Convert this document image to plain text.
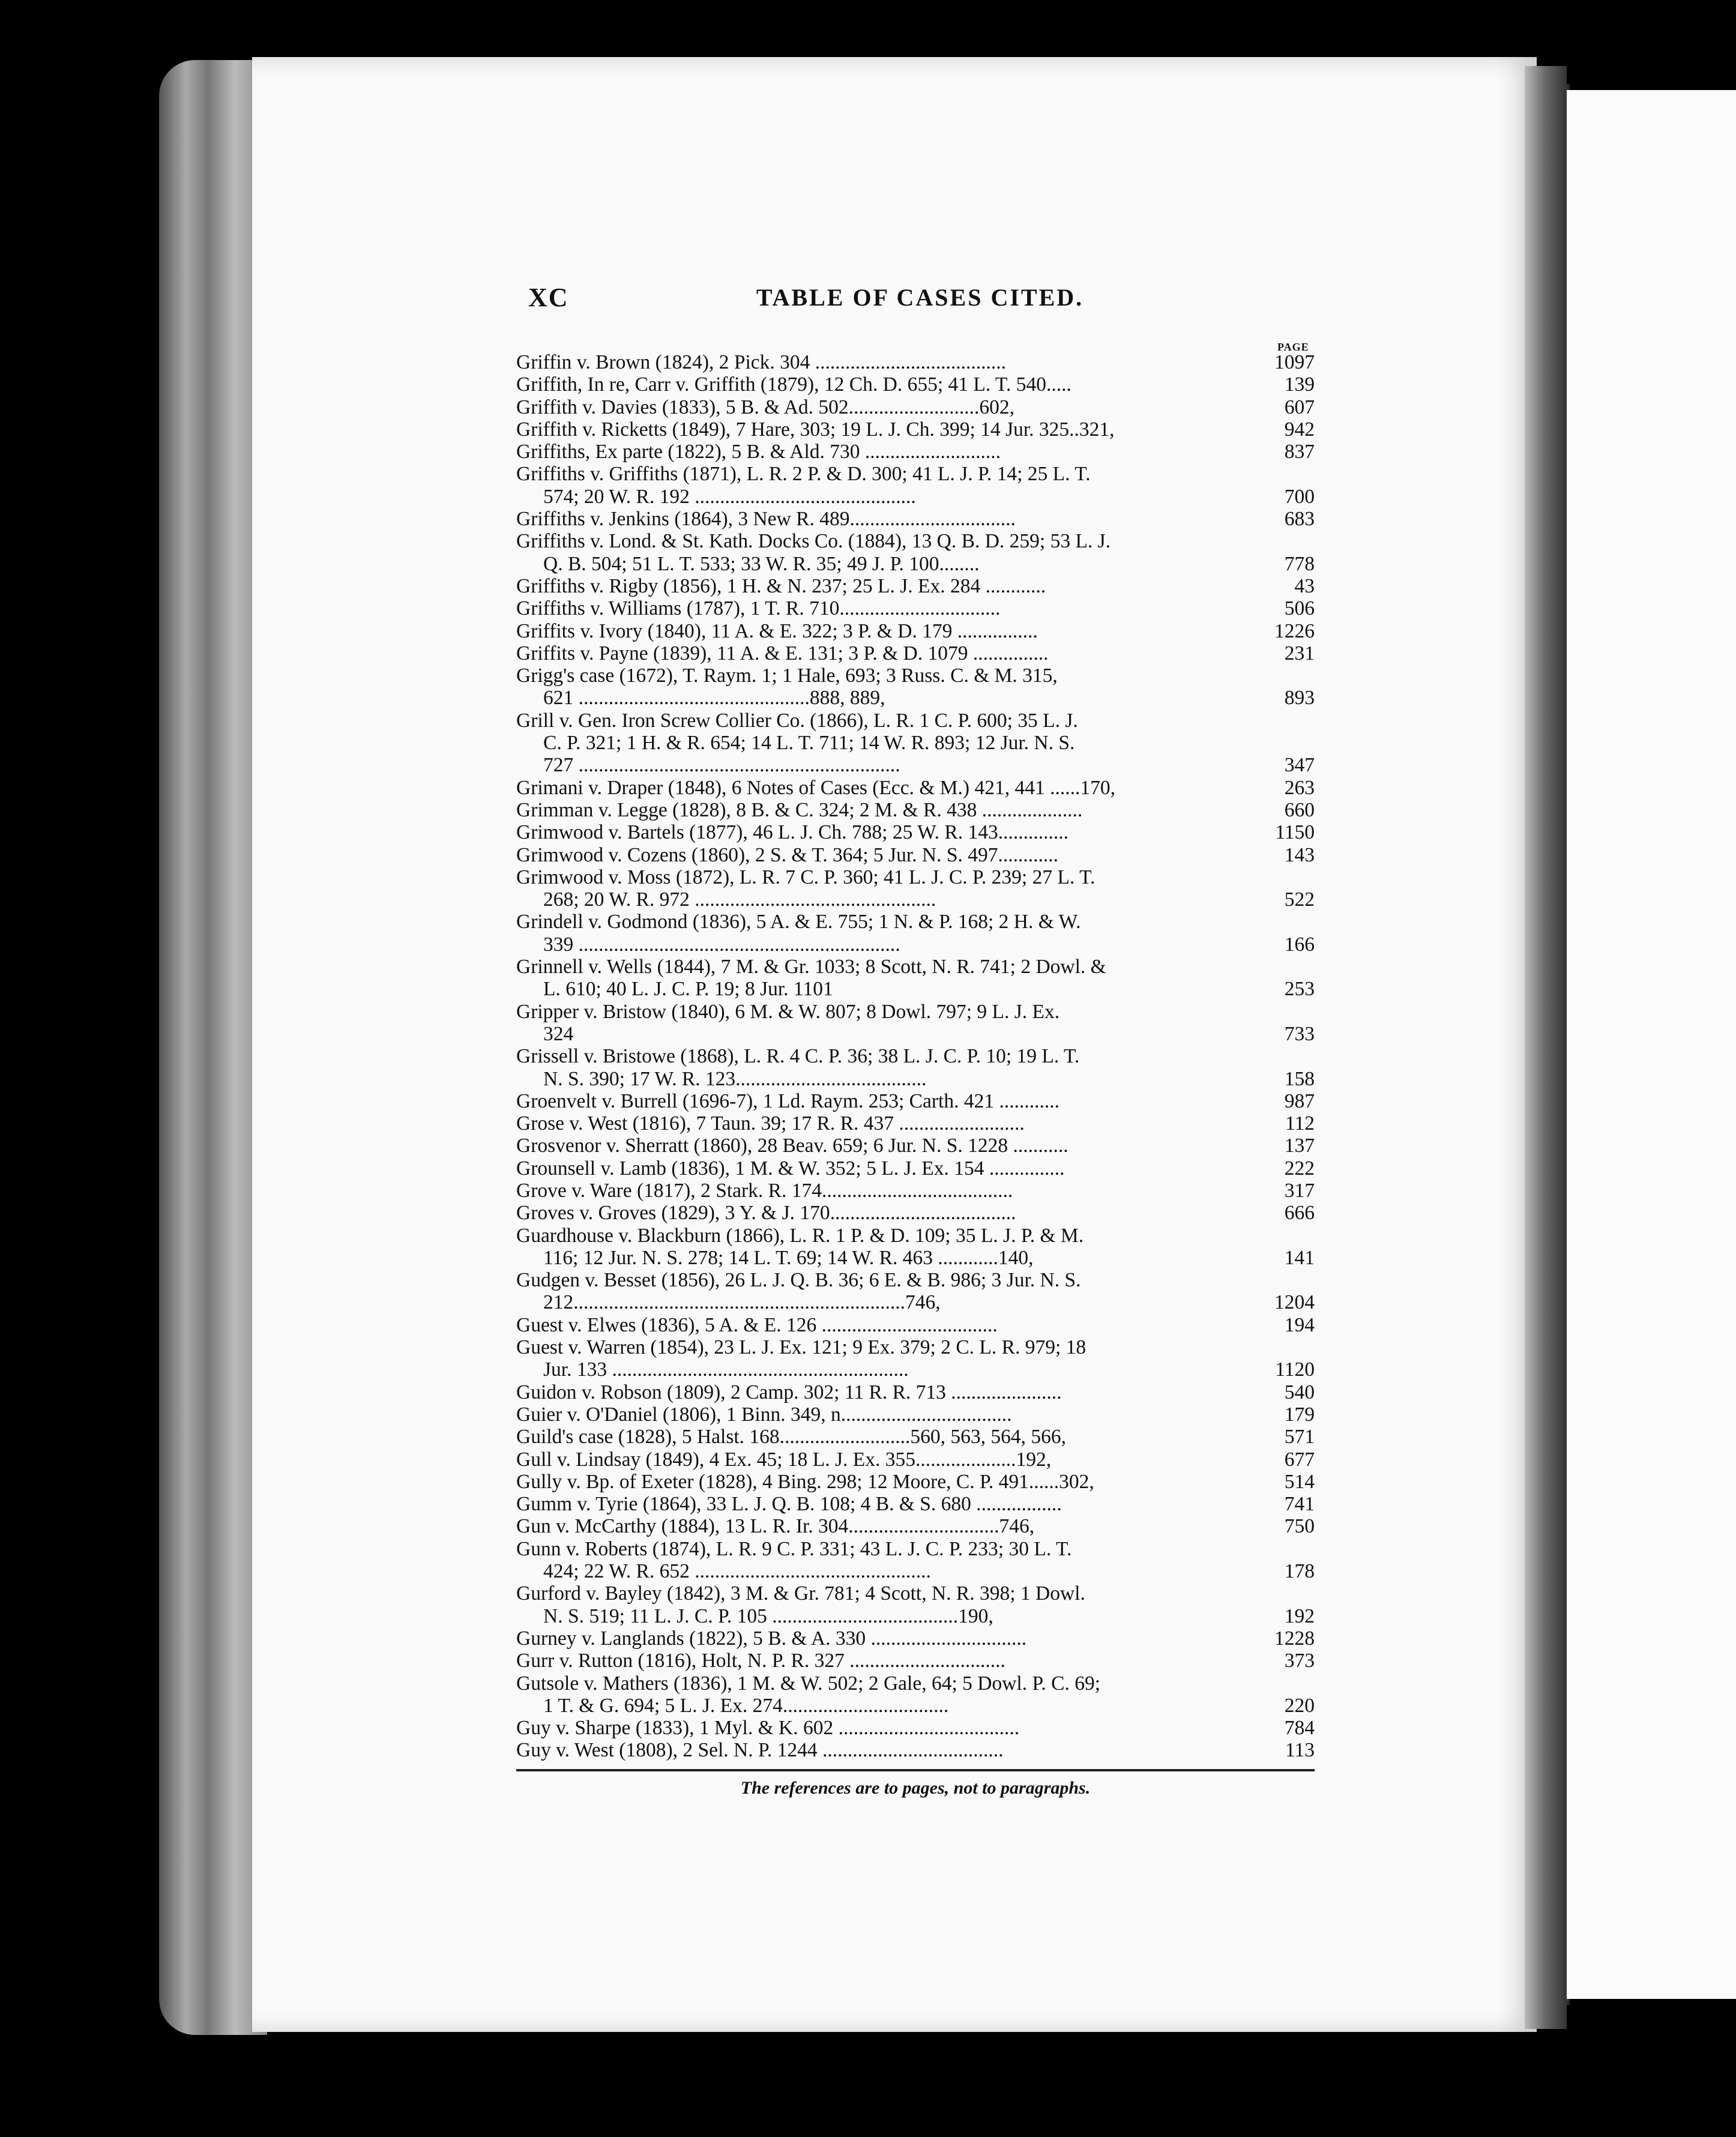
XC	TABLE OF CASES CITED.
PAGE
Griffin v. Brown (1824), 2 Pick. 304 ......................................	1097
Griffith, In re, Carr v. Griffith (1879), 12 Ch. D. 655; 41 L. T. 540.....	139
Griffith v. Davies (1833), 5 B. & Ad. 502..........................602,	607
Griffith v. Ricketts (1849), 7 Hare, 303; 19 L. J. Ch. 399; 14 Jur. 325..321,	942
Griffiths, Ex parte (1822), 5 B. & Ald. 730 ...........................	837
Griffiths v. Griffiths (1871), L. R. 2 P. & D. 300; 41 L. J. P. 14; 25 L. T.
574; 20 W. R. 192 ............................................	700
Griffiths v. Jenkins (1864), 3 New R. 489.................................	683
Griffiths v. Lond. & St. Kath. Docks Co. (1884), 13 Q. B. D. 259; 53 L. J.
Q. B. 504; 51 L. T. 533; 33 W. R. 35; 49 J. P. 100........	778
Griffiths v. Rigby (1856), 1 H. & N. 237; 25 L. J. Ex. 284 ............	43
Griffiths v. Williams (1787), 1 T. R. 710................................	506
Griffits v. Ivory (1840), 11 A. & E. 322; 3 P. & D. 179 ................	1226
Griffits v. Payne (1839), 11 A. & E. 131; 3 P. & D. 1079 ...............	231
Grigg's case (1672), T. Raym. 1; 1 Hale, 693; 3 Russ. C. & M. 315,
621 ..............................................888, 889,	893
Grill v. Gen. Iron Screw Collier Co. (1866), L. R. 1 C. P. 600; 35 L. J.
C. P. 321; 1 H. & R. 654; 14 L. T. 711; 14 W. R. 893; 12 Jur. N. S.
727 ................................................................	347
Grimani v. Draper (1848), 6 Notes of Cases (Ecc. & M.) 421, 441 ......170,	263
Grimman v. Legge (1828), 8 B. & C. 324; 2 M. & R. 438 ....................	660
Grimwood v. Bartels (1877), 46 L. J. Ch. 788; 25 W. R. 143..............	1150
Grimwood v. Cozens (1860), 2 S. & T. 364; 5 Jur. N. S. 497............	143
Grimwood v. Moss (1872), L. R. 7 C. P. 360; 41 L. J. C. P. 239; 27 L. T.
268; 20 W. R. 972 ................................................	522
Grindell v. Godmond (1836), 5 A. & E. 755; 1 N. & P. 168; 2 H. & W.
339 ................................................................	166
Grinnell v. Wells (1844), 7 M. & Gr. 1033; 8 Scott, N. R. 741; 2 Dowl. &
L. 610; 40 L. J. C. P. 19; 8 Jur. 1101	253
Gripper v. Bristow (1840), 6 M. & W. 807; 8 Dowl. 797; 9 L. J. Ex.
324	733
Grissell v. Bristowe (1868), L. R. 4 C. P. 36; 38 L. J. C. P. 10; 19 L. T.
N. S. 390; 17 W. R. 123......................................	158
Groenvelt v. Burrell (1696-7), 1 Ld. Raym. 253; Carth. 421 ............	987
Grose v. West (1816), 7 Taun. 39; 17 R. R. 437 .........................	112
Grosvenor v. Sherratt (1860), 28 Beav. 659; 6 Jur. N. S. 1228 ...........	137
Grounsell v. Lamb (1836), 1 M. & W. 352; 5 L. J. Ex. 154 ...............	222
Grove v. Ware (1817), 2 Stark. R. 174......................................	317
Groves v. Groves (1829), 3 Y. & J. 170.....................................	666
Guardhouse v. Blackburn (1866), L. R. 1 P. & D. 109; 35 L. J. P. & M.
116; 12 Jur. N. S. 278; 14 L. T. 69; 14 W. R. 463 ............140,	141
Gudgen v. Besset (1856), 26 L. J. Q. B. 36; 6 E. & B. 986; 3 Jur. N. S.
212..................................................................746,	1204
Guest v. Elwes (1836), 5 A. & E. 126 ...................................	194
Guest v. Warren (1854), 23 L. J. Ex. 121; 9 Ex. 379; 2 C. L. R. 979; 18
Jur. 133 ...........................................................	1120
Guidon v. Robson (1809), 2 Camp. 302; 11 R. R. 713 ......................	540
Guier v. O'Daniel (1806), 1 Binn. 349, n..................................	179
Guild's case (1828), 5 Halst. 168..........................560, 563, 564, 566,	571
Gull v. Lindsay (1849), 4 Ex. 45; 18 L. J. Ex. 355....................192,	677
Gully v. Bp. of Exeter (1828), 4 Bing. 298; 12 Moore, C. P. 491......302,	514
Gumm v. Tyrie (1864), 33 L. J. Q. B. 108; 4 B. & S. 680 .................	741
Gun v. McCarthy (1884), 13 L. R. Ir. 304..............................746,	750
Gunn v. Roberts (1874), L. R. 9 C. P. 331; 43 L. J. C. P. 233; 30 L. T.
424; 22 W. R. 652 ...............................................	178
Gurford v. Bayley (1842), 3 M. & Gr. 781; 4 Scott, N. R. 398; 1 Dowl.
N. S. 519; 11 L. J. C. P. 105 .....................................190,	192
Gurney v. Langlands (1822), 5 B. & A. 330 ...............................	1228
Gurr v. Rutton (1816), Holt, N. P. R. 327 ...............................	373
Gutsole v. Mathers (1836), 1 M. & W. 502; 2 Gale, 64; 5 Dowl. P. C. 69;
1 T. & G. 694; 5 L. J. Ex. 274.................................	220
Guy v. Sharpe (1833), 1 Myl. & K. 602 ....................................	784
Guy v. West (1808), 2 Sel. N. P. 1244 ....................................	113
The references are to pages, not to paragraphs.
